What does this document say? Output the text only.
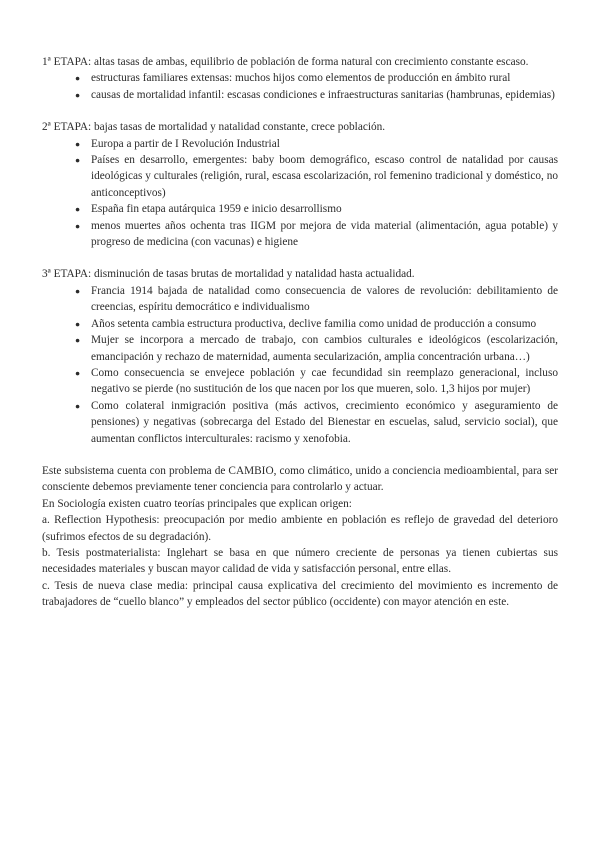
1ª ETAPA: altas tasas de ambas, equilibrio de población de forma natural con crecimiento constante escaso.

● estructuras familiares extensas: muchos hijos como elementos de producción en ámbito rural
● causas de mortalidad infantil: escasas condiciones e infraestructuras sanitarias (hambrunas, epidemias)

2ª ETAPA: bajas tasas de mortalidad y natalidad constante, crece población.

● Europa a partir de I Revolución Industrial
● Países en desarrollo, emergentes: baby boom demográfico, escaso control de natalidad por causas ideológicas y culturales (religión, rural, escasa escolarización, rol femenino tradicional y doméstico, no anticonceptivos)
● España fin etapa autárquica 1959 e inicio desarrollismo
● menos muertes años ochenta tras IIGM por mejora de vida material (alimentación, agua potable) y progreso de medicina (con vacunas) e higiene

3ª ETAPA: disminución de tasas brutas de mortalidad y natalidad hasta actualidad.

● Francia 1914 bajada de natalidad como consecuencia de valores de revolución: debilitamiento de creencias, espíritu democrático e individualismo
● Años setenta cambia estructura productiva, declive familia como unidad de producción a consumo
● Mujer se incorpora a mercado de trabajo, con cambios culturales e ideológicos (escolarización, emancipación y rechazo de maternidad, aumenta secularización, amplia concentración urbana…)
● Como consecuencia se envejece población y cae fecundidad sin reemplazo generacional, incluso negativo se pierde (no sustitución de los que nacen por los que mueren, solo. 1,3 hijos por mujer)
● Como colateral inmigración positiva (más activos, crecimiento económico y aseguramiento de pensiones) y negativas (sobrecarga del Estado del Bienestar en escuelas, salud, servicio social), que aumentan conflictos interculturales: racismo y xenofobia.

Este subsistema cuenta con problema de CAMBIO, como climático, unido a conciencia medioambiental, para ser consciente debemos previamente tener conciencia para controlarlo y actuar.

En Sociología existen cuatro teorías principales que explican origen:

a. Reflection Hypothesis: preocupación por medio ambiente en población es reflejo de gravedad del deterioro (sufrimos efectos de su degradación).

b. Tesis postmaterialista: Inglehart se basa en que número creciente de personas ya tienen cubiertas sus necesidades materiales y buscan mayor calidad de vida y satisfacción personal, entre ellas.

c. Tesis de nueva clase media: principal causa explicativa del crecimiento del movimiento es incremento de trabajadores de “cuello blanco” y empleados del sector público (occidente) con mayor atención en este.
